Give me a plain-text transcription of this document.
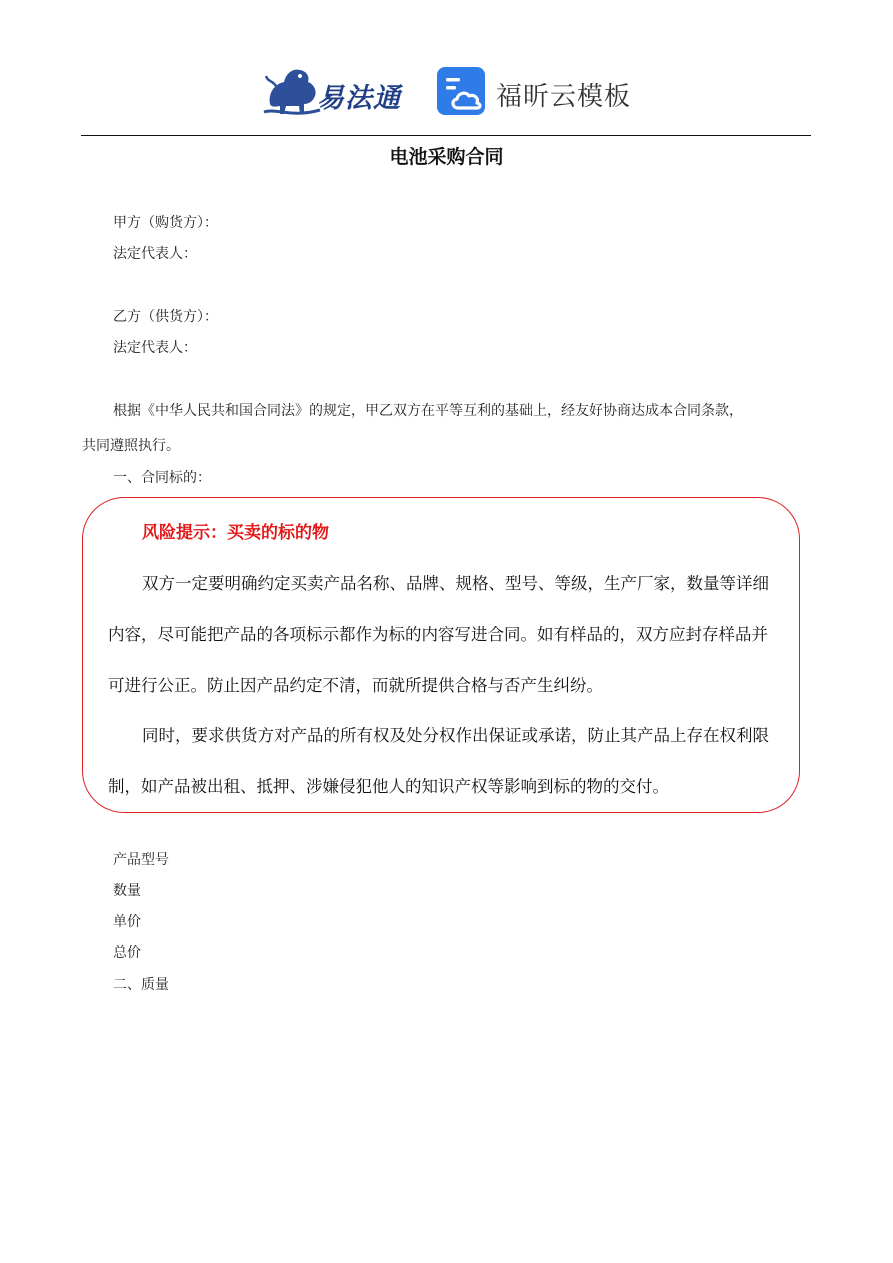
易法通	福昕云模板
电池采购合同
甲方（购货方）：
法定代表人：
乙方（供货方）：
法定代表人：
根据《中华人民共和国合同法》的规定，甲乙双方在平等互利的基础上，经友好协商达成本合同条款，
共同遵照执行。
一、合同标的：
风险提示：买卖的标的物
双方一定要明确约定买卖产品名称、品牌、规格、型号、等级，生产厂家，数量等详细
内容，尽可能把产品的各项标示都作为标的内容写进合同。如有样品的，双方应封存样品并
可进行公正。防止因产品约定不清，而就所提供合格与否产生纠纷。
同时，要求供货方对产品的所有权及处分权作出保证或承诺，防止其产品上存在权利限
制，如产品被出租、抵押、涉嫌侵犯他人的知识产权等影响到标的物的交付。
产品型号
数量
单价
总价
二、质量
